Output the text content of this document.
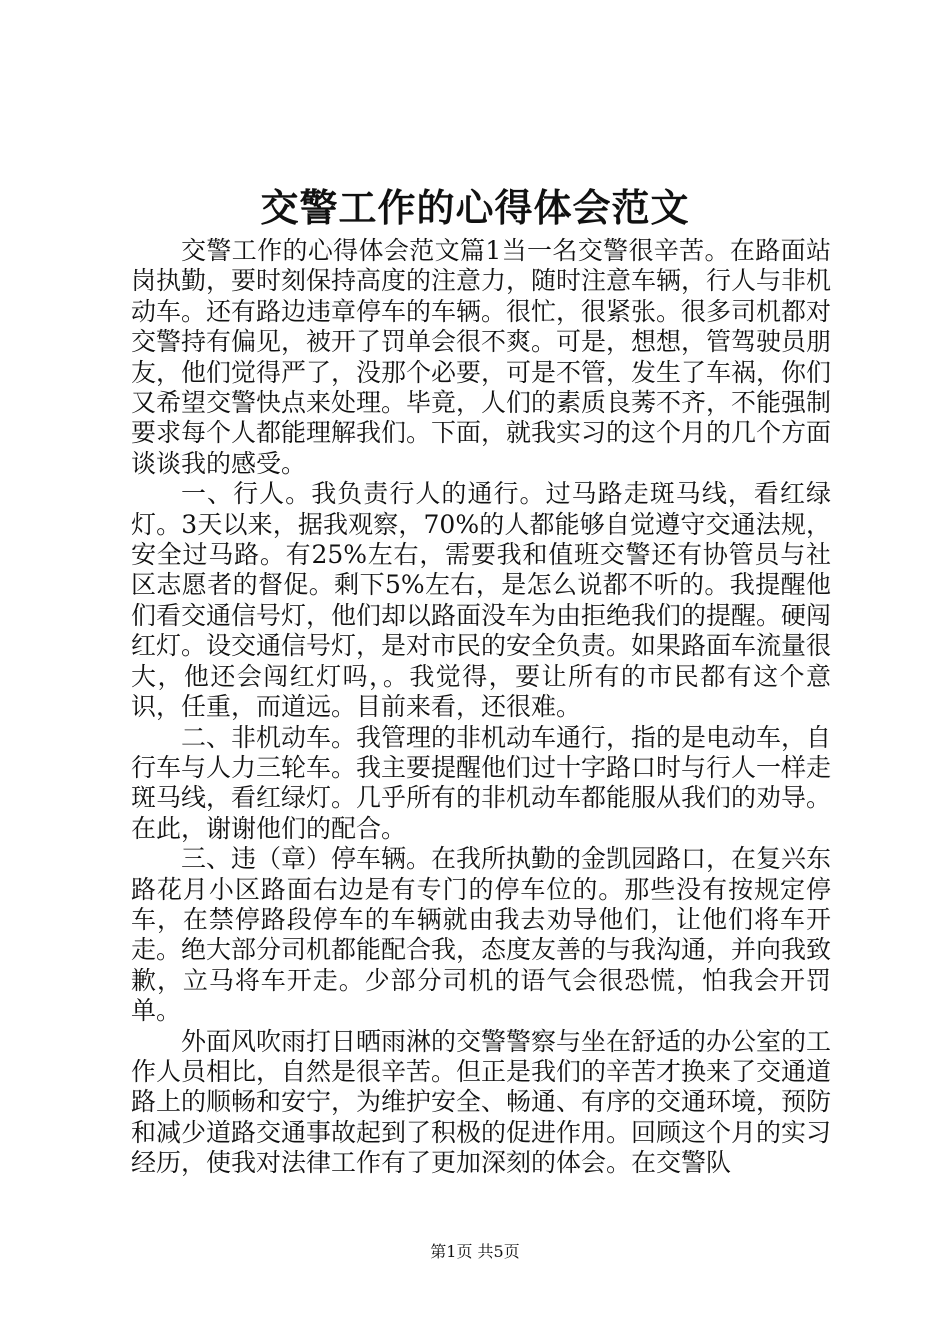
交警工作的心得体会范文

交警工作的心得体会范文篇1当一名交警很辛苦。在路面站岗执勤，要时刻保持高度的注意力，随时注意车辆，行人与非机动车。还有路边违章停车的车辆。很忙，很紧张。很多司机都对交警持有偏见，被开了罚单会很不爽。可是，想想，管驾驶员朋友，他们觉得严了，没那个必要，可是不管，发生了车祸，你们又希望交警快点来处理。毕竟，人们的素质良莠不齐，不能强制要求每个人都能理解我们。下面，就我实习的这个月的几个方面谈谈我的感受。

一、行人。我负责行人的通行。过马路走斑马线，看红绿灯。3天以来，据我观察，70%的人都能够自觉遵守交通法规，安全过马路。有25%左右，需要我和值班交警还有协管员与社区志愿者的督促。剩下5%左右，是怎么说都不听的。我提醒他们看交通信号灯，他们却以路面没车为由拒绝我们的提醒。硬闯红灯。设交通信号灯，是对市民的安全负责。如果路面车流量很大，他还会闯红灯吗，。我觉得，要让所有的市民都有这个意识，任重，而道远。目前来看，还很难。

二、非机动车。我管理的非机动车通行，指的是电动车，自行车与人力三轮车。我主要提醒他们过十字路口时与行人一样走斑马线，看红绿灯。几乎所有的非机动车都能服从我们的劝导。在此，谢谢他们的配合。

三、违（章）停车辆。在我所执勤的金凯园路口，在复兴东路花月小区路面右边是有专门的停车位的。那些没有按规定停车，在禁停路段停车的车辆就由我去劝导他们，让他们将车开走。绝大部分司机都能配合我，态度友善的与我沟通，并向我致歉，立马将车开走。少部分司机的语气会很恐慌，怕我会开罚单。

外面风吹雨打日晒雨淋的交警警察与坐在舒适的办公室的工作人员相比，自然是很辛苦。但正是我们的辛苦才换来了交通道路上的顺畅和安宁，为维护安全、畅通、有序的交通环境，预防和减少道路交通事故起到了积极的促进作用。回顾这个月的实习经历，使我对法律工作有了更加深刻的体会。在交警队

第1页 共5页
